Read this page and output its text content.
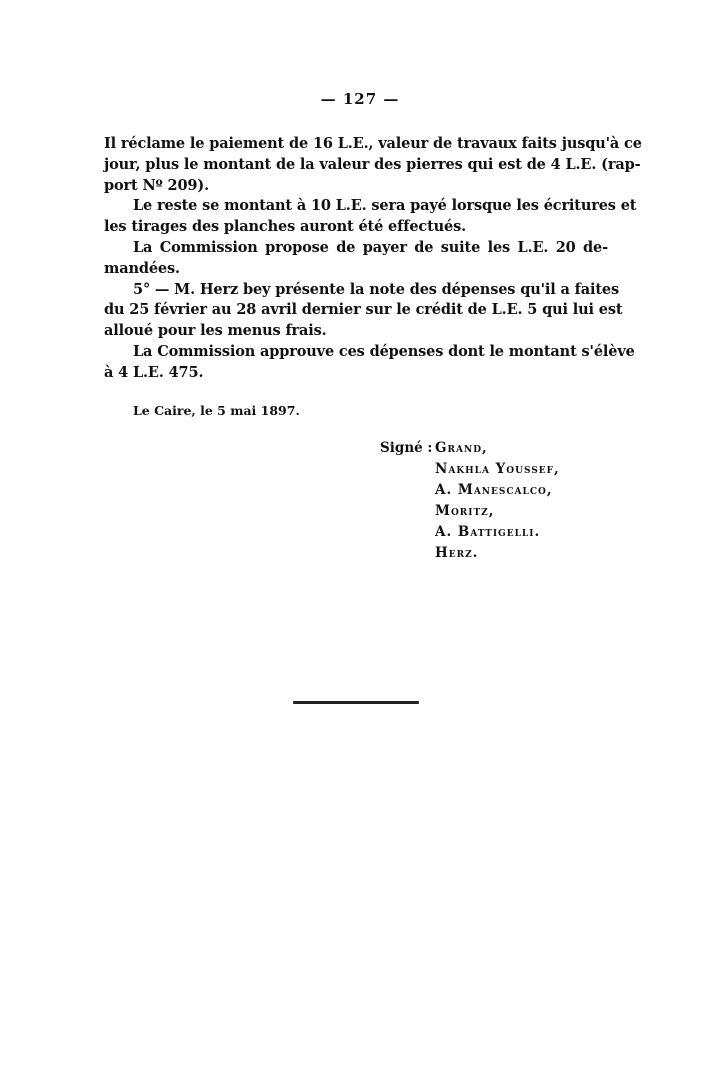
— 127 —
Il réclame le paiement de 16 L.E., valeur de travaux faits jusqu'à ce
jour, plus le montant de la valeur des pierres qui est de 4 L.E. (rap-
port Nº 209).
Le reste se montant à 10 L.E. sera payé lorsque les écritures et
les tirages des planches auront été effectués.
La Commission propose de payer de suite les L.E. 20 de-
mandées.
5° — M. Herz bey présente la note des dépenses qu'il a faites
du 25 février au 28 avril dernier sur le crédit de L.E. 5 qui lui est
alloué pour les menus frais.
La Commission approuve ces dépenses dont le montant s'élève
à 4 L.E. 475.
Le Caire, le 5 mai 1897.
Signé : Grand,
Nakhla Youssef,
A. Manescalco,
Moritz,
A. Battigelli.
Herz.
